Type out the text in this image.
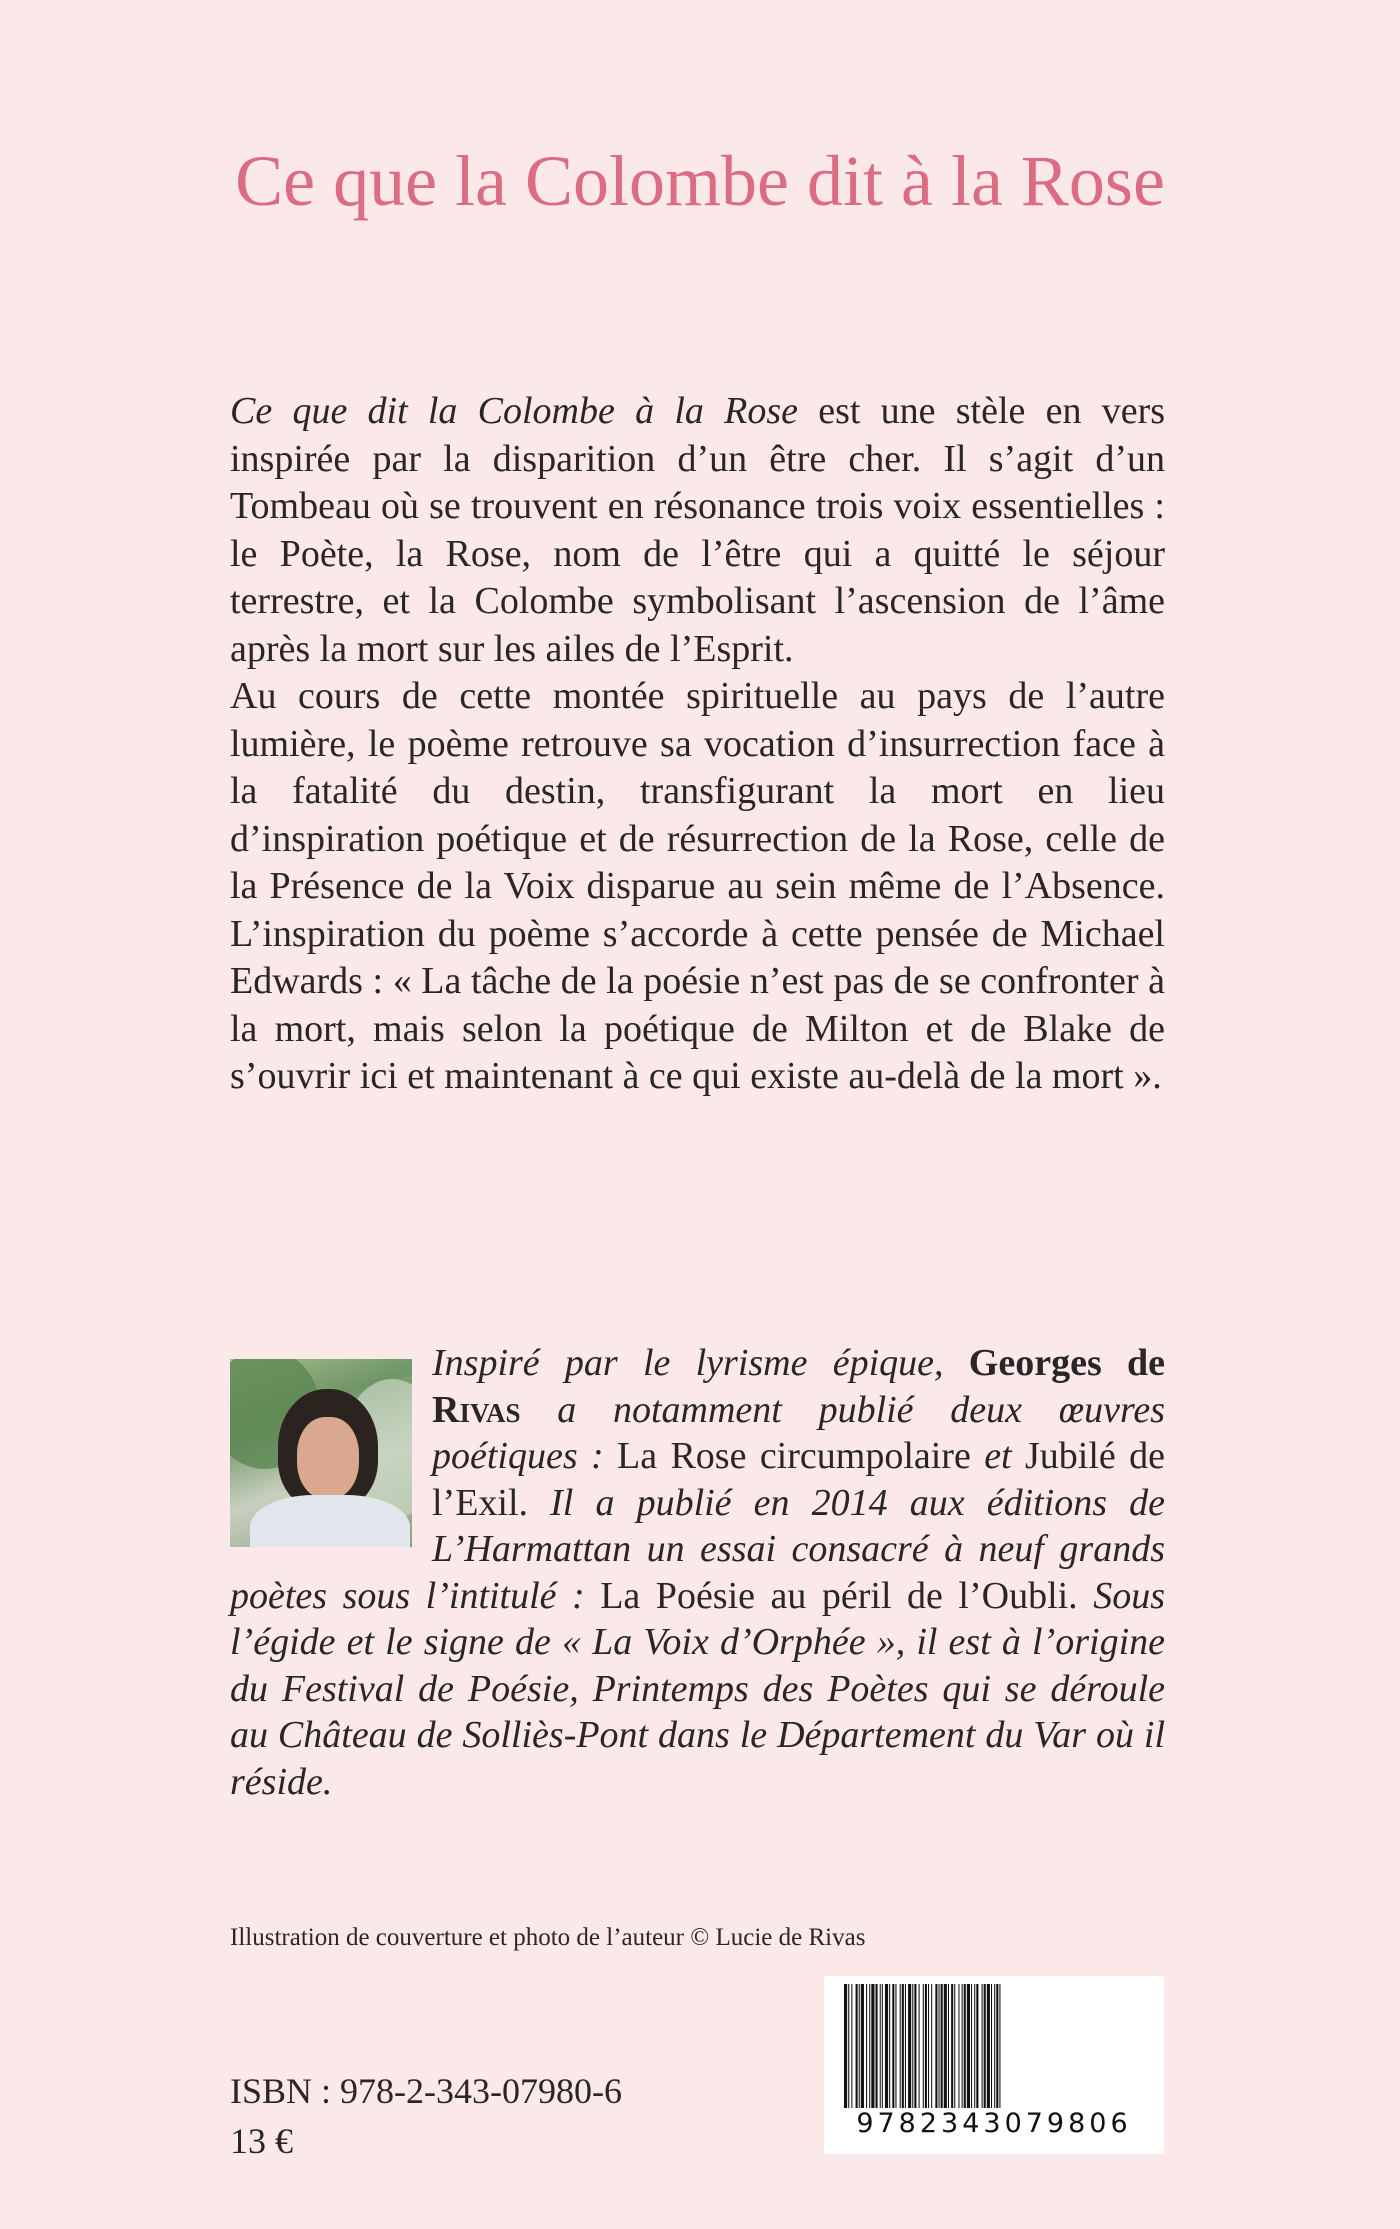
Ce que la Colombe dit à la Rose

Ce que dit la Colombe à la Rose est une stèle en vers inspirée par la disparition d’un être cher. Il s’agit d’un Tombeau où se trouvent en résonance trois voix essentielles : le Poète, la Rose, nom de l’être qui a quitté le séjour terrestre, et la Colombe symbolisant l’ascension de l’âme après la mort sur les ailes de l’Esprit.

Au cours de cette montée spirituelle au pays de l’autre lumière, le poème retrouve sa vocation d’insurrection face à la fatalité du destin, transfigurant la mort en lieu d’inspiration poétique et de résurrection de la Rose, celle de la Présence de la Voix disparue au sein même de l’Absence. L’inspiration du poème s’accorde à cette pensée de Michael Edwards : « La tâche de la poésie n’est pas de se confronter à la mort, mais selon la poétique de Milton et de Blake de s’ouvrir ici et maintenant à ce qui existe au-delà de la mort ».

Inspiré par le lyrisme épique, Georges de Rivas a notamment publié deux œuvres poétiques : La Rose circumpolaire et Jubilé de l’Exil. Il a publié en 2014 aux éditions de L’Harmattan un essai consacré à neuf grands poètes sous l’intitulé : La Poésie au péril de l’Oubli. Sous l’égide et le signe de « La Voix d’Orphée », il est à l’origine du Festival de Poésie, Printemps des Poètes qui se déroule au Château de Solliès-Pont dans le Département du Var où il réside.

Illustration de couverture et photo de l’auteur © Lucie de Rivas

9782343079806

ISBN : 978-2-343-07980-6

13 €
